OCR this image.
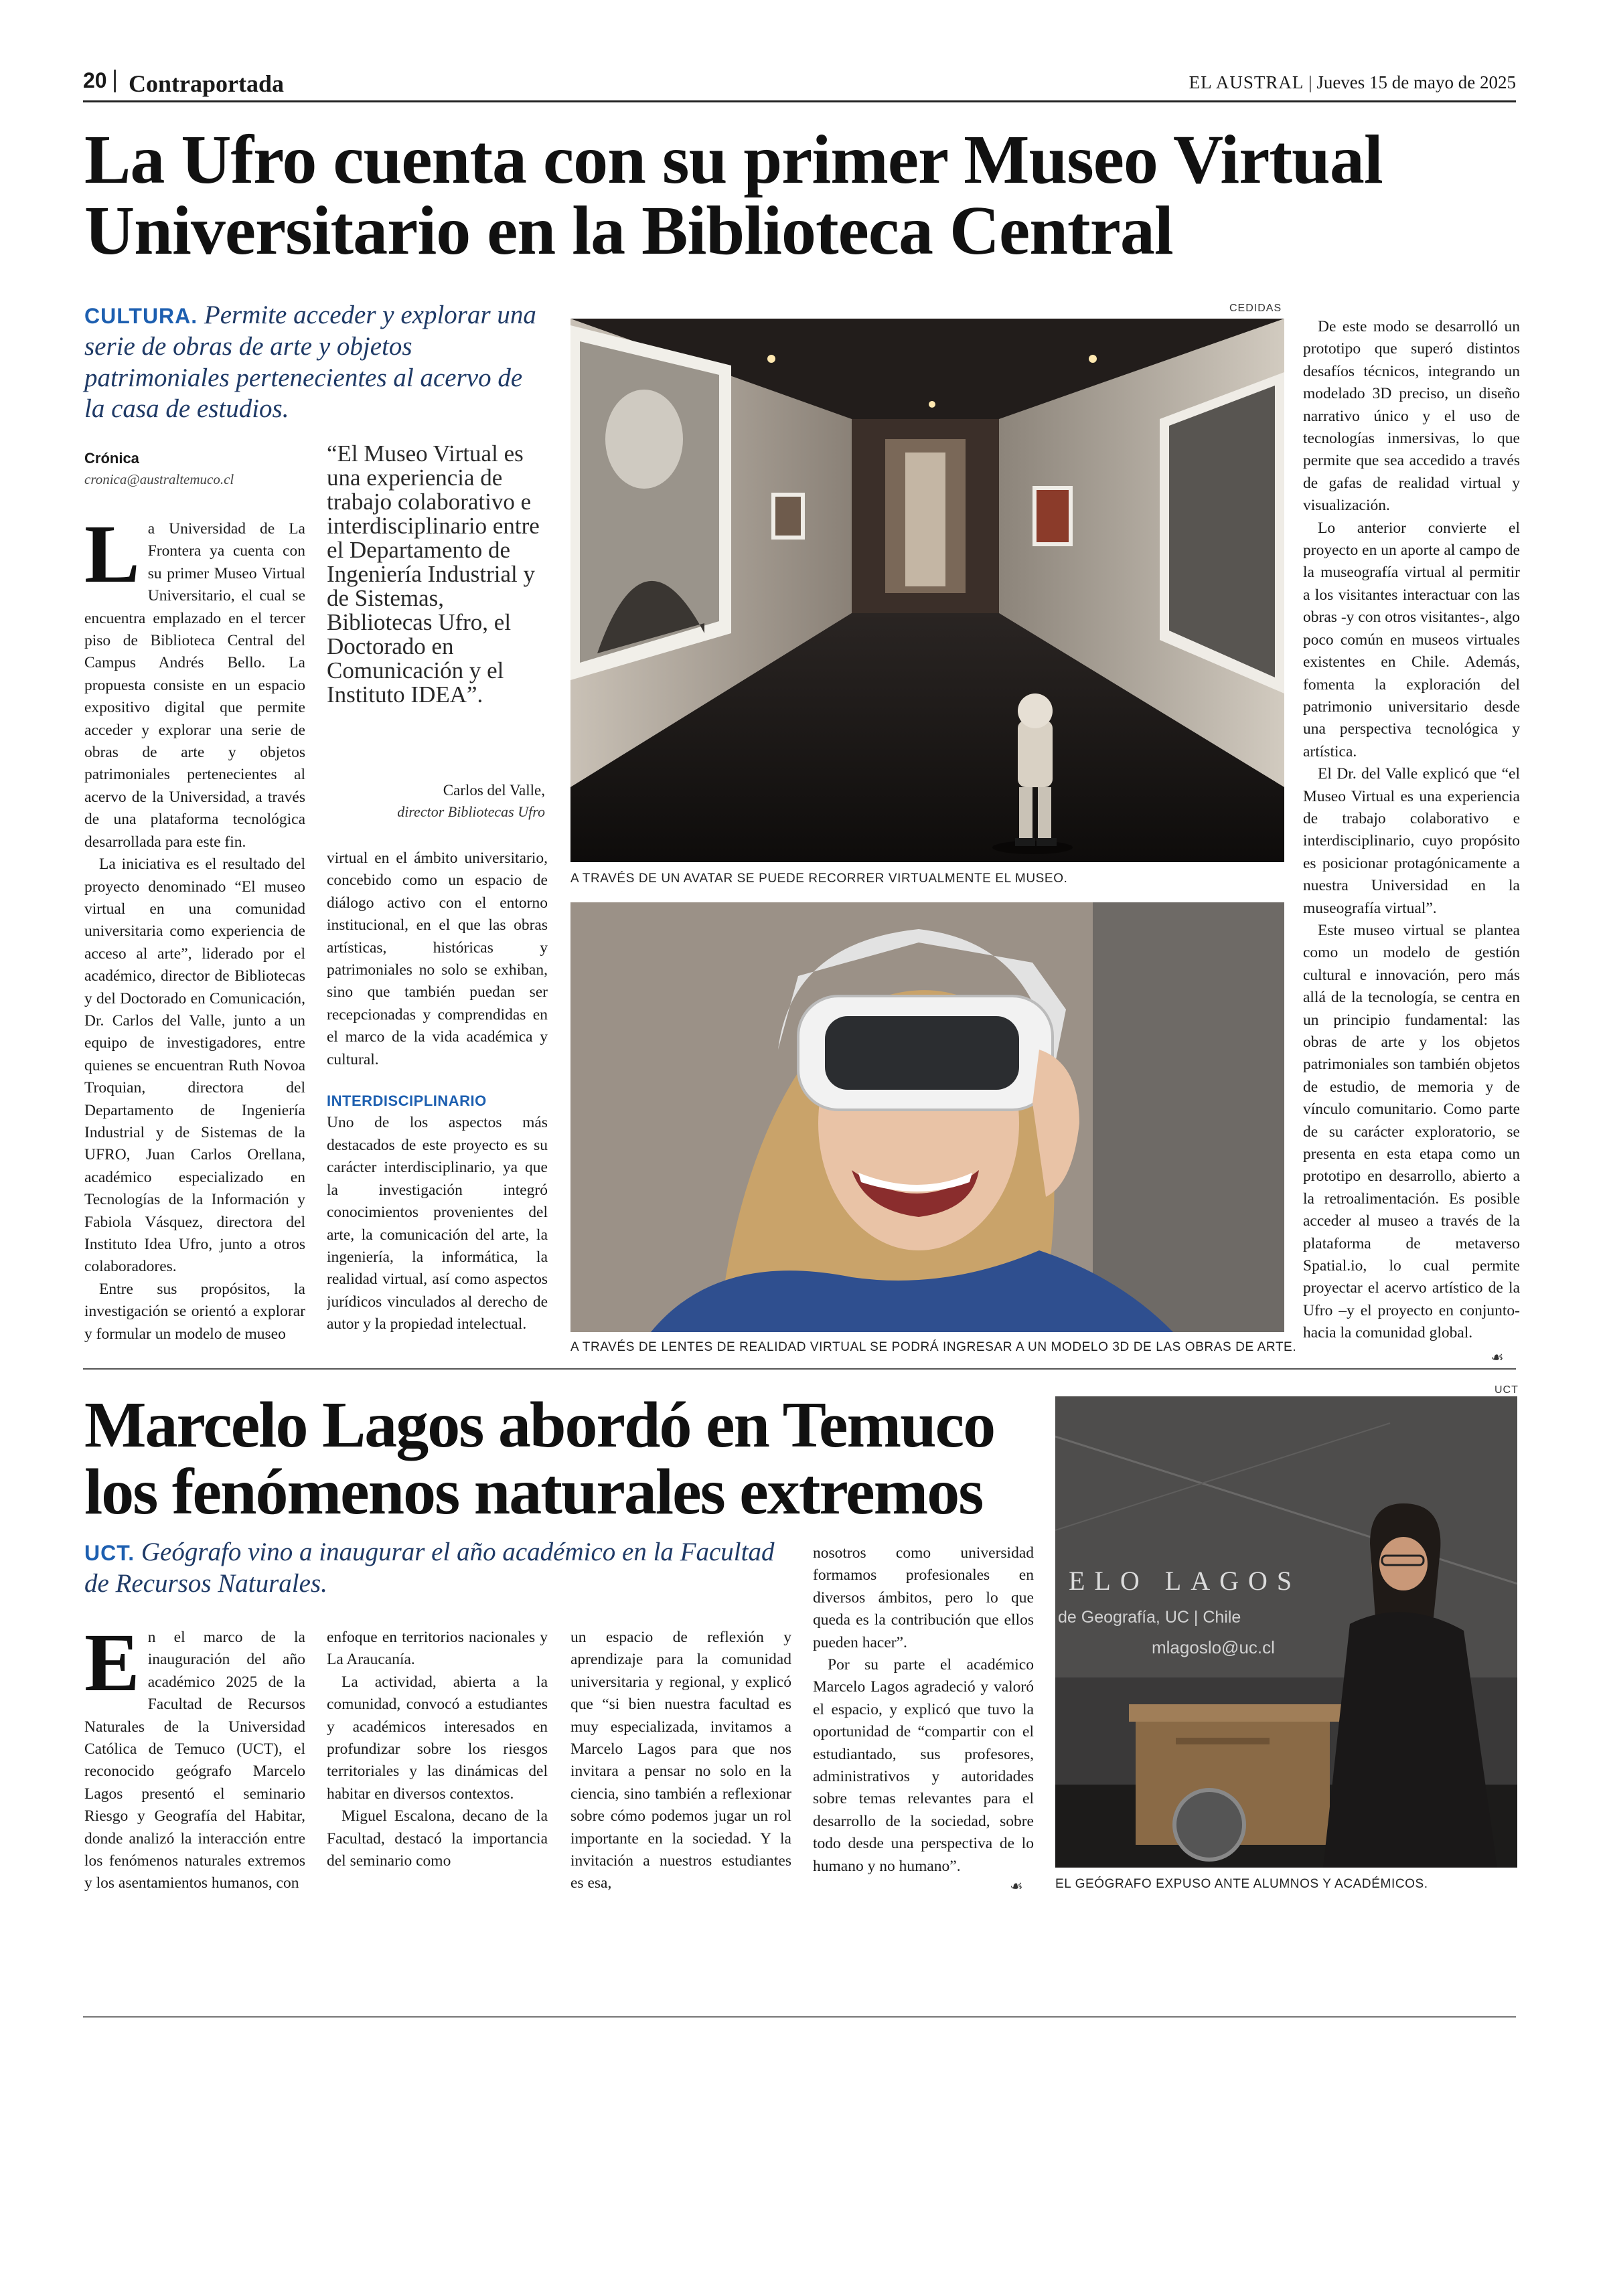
20 Contraportada	EL AUSTRAL | Jueves 15 de mayo de 2025
La Ufro cuenta con su primer Museo Virtual
Universitario en la Biblioteca Central
CULTURA. Permite acceder y explorar una serie de obras de arte y objetos patrimoniales pertenecientes al acervo de la casa de estudios.
Crónica
cronica@australtemuco.cl

La Universidad de La Frontera ya cuenta con su primer Museo Virtual Universitario, el cual se encuentra emplazado en el tercer piso de Biblioteca Central del Campus Andrés Bello. La propuesta consiste en un espacio expositivo digital que permite acceder y explorar una serie de obras de arte y objetos patrimoniales pertenecientes al acervo de la Universidad, a través de una plataforma tecnológica desarrollada para este fin.

La iniciativa es el resultado del proyecto denominado “El museo virtual en una comunidad universitaria como experiencia de acceso al arte”, liderado por el académico, director de Bibliotecas y del Doctorado en Comunicación, Dr. Carlos del Valle, junto a un equipo de investigadores, entre quienes se encuentran Ruth Novoa Troquian, directora del Departamento de Ingeniería Industrial y de Sistemas de la UFRO, Juan Carlos Orellana, académico especializado en Tecnologías de la Información y Fabiola Vásquez, directora del Instituto Idea Ufro, junto a otros colaboradores.

Entre sus propósitos, la investigación se orientó a explorar y formular un modelo de museo

“El Museo Virtual es una experiencia de trabajo colaborativo e interdisciplinario entre el Departamento de Ingeniería Industrial y de Sistemas, Bibliotecas Ufro, el Doctorado en Comunicación y el Instituto IDEA”.
Carlos del Valle,
director Bibliotecas Ufro

virtual en el ámbito universitario, concebido como un espacio de diálogo activo con el entorno institucional, en el que las obras artísticas, históricas y patrimoniales no solo se exhiban, sino que también puedan ser recepcionadas y comprendidas en el marco de la vida académica y cultural.

INTERDISCIPLINARIO

Uno de los aspectos más destacados de este proyecto es su carácter interdisciplinario, ya que la investigación integró conocimientos provenientes del arte, la comunicación del arte, la ingeniería, la informática, la realidad virtual, así como aspectos jurídicos vinculados al derecho de autor y la propiedad intelectual.

CEDIDAS
A TRAVÉS DE UN AVATAR SE PUEDE RECORRER VIRTUALMENTE EL MUSEO.
A TRAVÉS DE LENTES DE REALIDAD VIRTUAL SE PODRÁ INGRESAR A UN MODELO 3D DE LAS OBRAS DE ARTE.

De este modo se desarrolló un prototipo que superó distintos desafíos técnicos, integrando un modelado 3D preciso, un diseño narrativo único y el uso de tecnologías inmersivas, lo que permite que sea accedido a través de gafas de realidad virtual y visualización.

Lo anterior convierte el proyecto en un aporte al campo de la museografía virtual al permitir a los visitantes interactuar con las obras -y con otros visitantes-, algo poco común en museos virtuales existentes en Chile. Además, fomenta la exploración del patrimonio universitario desde una perspectiva tecnológica y artística.

El Dr. del Valle explicó que “el Museo Virtual es una experiencia de trabajo colaborativo e interdisciplinario, cuyo propósito es posicionar protagónicamente a nuestra Universidad en la museografía virtual”.

Este museo virtual se plantea como un modelo de gestión cultural e innovación, pero más allá de la tecnología, se centra en un principio fundamental: las obras de arte y los objetos patrimoniales son también objetos de estudio, de memoria y de vínculo comunitario. Como parte de su carácter exploratorio, se presenta en esta etapa como un prototipo en desarrollo, abierto a la retroalimentación. Es posible acceder al museo a través de la plataforma de metaverso Spatial.io, lo cual permite proyectar el acervo artístico de la Ufro –y el proyecto en conjunto- hacia la comunidad global.

☙
Marcelo Lagos abordó en Temuco
los fenómenos naturales extremos
UCT. Geógrafo vino a inaugurar el año académico en la Facultad de Recursos Naturales.

En el marco de la inauguración del año académico 2025 de la Facultad de Recursos Naturales de la Universidad Católica de Temuco (UCT), el reconocido geógrafo Marcelo Lagos presentó el seminario Riesgo y Geografía del Habitar, donde analizó la interacción entre los fenómenos naturales extremos y los asentamientos humanos, con

enfoque en territorios nacionales y La Araucanía.

La actividad, abierta a la comunidad, convocó a estudiantes y académicos interesados en profundizar sobre los riesgos territoriales y las dinámicas del habitar en diversos contextos.

Miguel Escalona, decano de la Facultad, destacó la importancia del seminario como

un espacio de reflexión y aprendizaje para la comunidad universitaria y regional, y explicó que “si bien nuestra facultad es muy especializada, invitamos a Marcelo Lagos para que nos invitara a pensar no solo en la ciencia, sino también a reflexionar sobre cómo podemos jugar un rol importante en la sociedad. Y la invitación a nuestros estudiantes es esa,

nosotros como universidad formamos profesionales en diversos ámbitos, pero lo que queda es la contribución que ellos pueden hacer”.

Por su parte el académico Marcelo Lagos agradeció y valoró el espacio, y explicó que tuvo la oportunidad de “compartir con el estudiantado, sus profesores, administrativos y autoridades sobre temas relevantes para el desarrollo de la sociedad, sobre todo desde una perspectiva de lo humano y no humano”.

☙
UCT
ELO LAGOS
de Geografía, UC | Chile
mlagoslo@uc.cl
EL GEÓGRAFO EXPUSO ANTE ALUMNOS Y ACADÉMICOS.
